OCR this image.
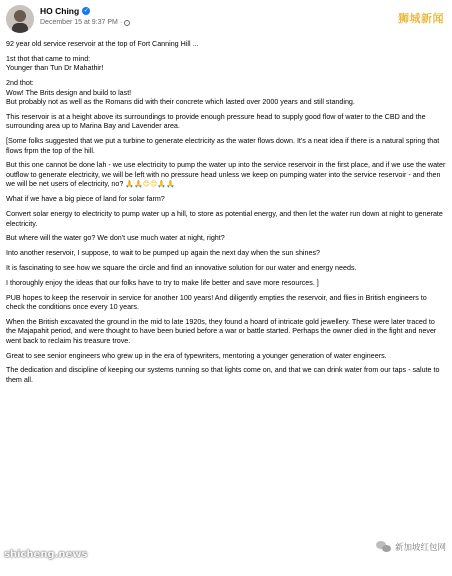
HO Ching ✓
December 15 at 9:37 PM ·	狮城新闻

92 year old service reservoir at the top of Fort Canning Hill ...

1st thot that came to mind:
Younger than Tun Dr Mahathir!

2nd thot:
Wow! The Brits design and build to last!
But probably not as well as the Romans did with their concrete which lasted over 2000 years and still standing.

This reservoir is at a height above its surroundings to provide enough pressure head to supply good flow of water to the CBD and the surrounding area up to Marina Bay and Lavender area.

[Some folks suggested that we put a turbine to generate electricity as the water flows down. It's a neat idea if there is a natural spring that flows frpm the top of the hill.

But this one cannot be done lah - we use electricity to pump the water up into the service reservoir in the first place, and if we use the water outflow to generate electricity, we will be left with no pressure head unless we keep on pumping water into the service reservoir - and then we will be net users of electricity, no? 🙏🙏😊😊🙏🙏

What if we have a big piece of land for solar farm?

Convert solar energy to electricity to pump water up a hill, to store as potential energy, and then let the water run down at night to generate electricity.

But where will the water go? We don't use much water at night, right?

Into another reservoir, I suppose, to wait to be pumped up again the next day when the sun shines?

It is fascinating to see how we square the circle and find an innovative solution for our water and energy needs.

I thoroughly enjoy the ideas that our folks have to try to make life better and save more resources. ]

PUB hopes to keep the reservoir in service for another 100 years! And diligently empties the reservoir, and flies in British engineers to check the conditions once every 10 years.

When the British excavated the ground in the mid to late 1920s, they found a hoard of intricate gold jewellery. These were later traced to the Majapahit period, and were thought to have been buried before a war or battle started. Perhaps the owner died in the fight and never went back to reclaim his treasure trove.

Great to see senior engineers who grew up in the era of typewriters, mentoring a younger generation of water engineers.

The dedication and discipline of keeping our systems running so that lights come on, and that we can drink water from our taps - salute to them all.

shicheng.news
新加坡红包网
